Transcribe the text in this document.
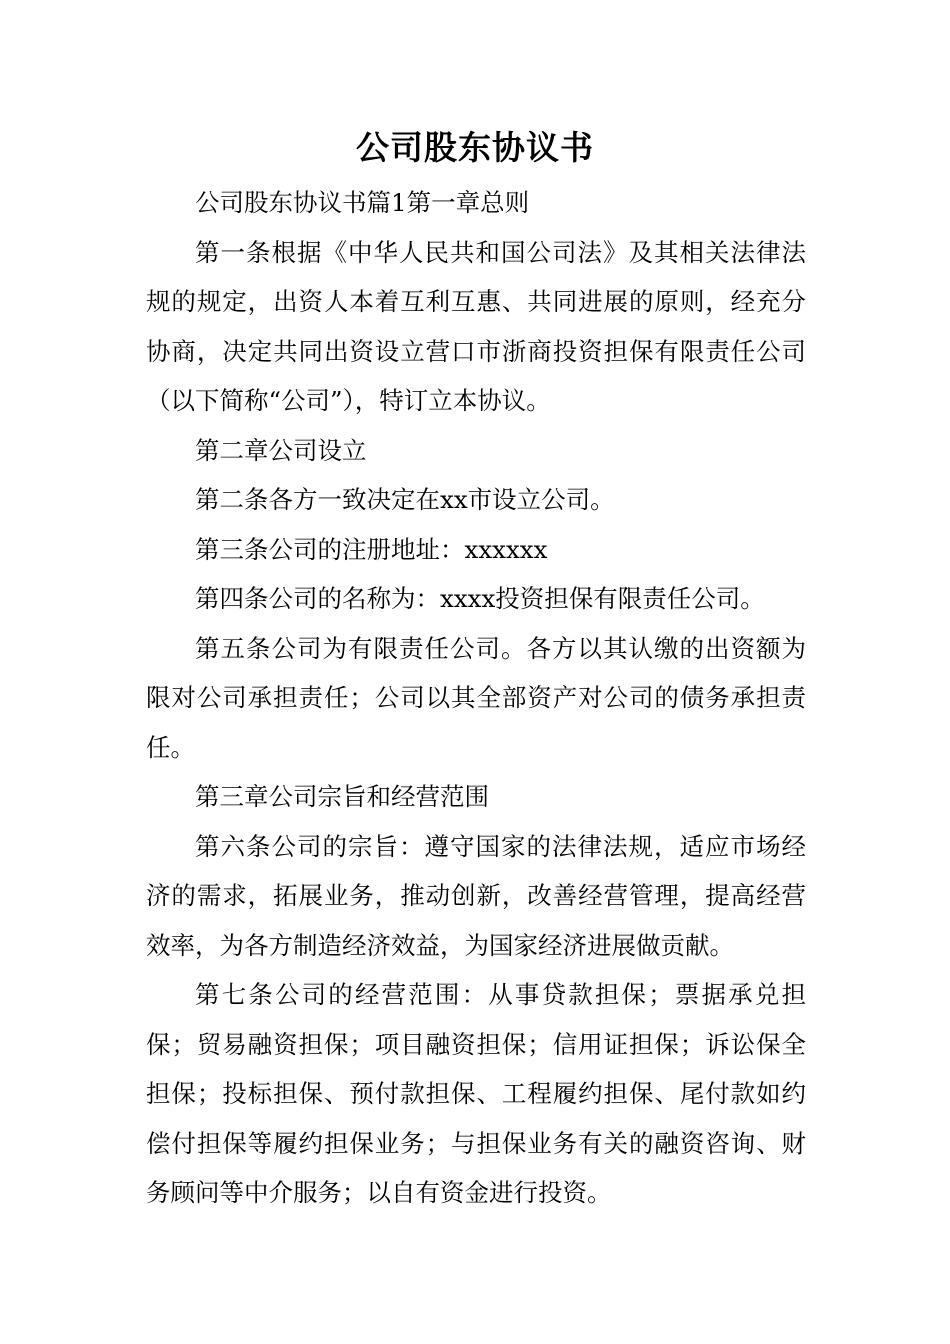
公司股东协议书

公司股东协议书篇1第一章总则

第一条根据《中华人民共和国公司法》及其相关法律法规的规定，出资人本着互利互惠、共同进展的原则，经充分协商，决定共同出资设立营口市浙商投资担保有限责任公司（以下简称“公司”），特订立本协议。

第二章公司设立

第二条各方一致决定在xx市设立公司。

第三条公司的注册地址：xxxxxx

第四条公司的名称为：xxxx投资担保有限责任公司。

第五条公司为有限责任公司。各方以其认缴的出资额为限对公司承担责任；公司以其全部资产对公司的债务承担责任。

第三章公司宗旨和经营范围

第六条公司的宗旨：遵守国家的法律法规，适应市场经济的需求，拓展业务，推动创新，改善经营管理，提高经营效率，为各方制造经济效益，为国家经济进展做贡献。

第七条公司的经营范围：从事贷款担保；票据承兑担保；贸易融资担保；项目融资担保；信用证担保；诉讼保全担保；投标担保、预付款担保、工程履约担保、尾付款如约偿付担保等履约担保业务；与担保业务有关的融资咨询、财务顾问等中介服务；以自有资金进行投资。
